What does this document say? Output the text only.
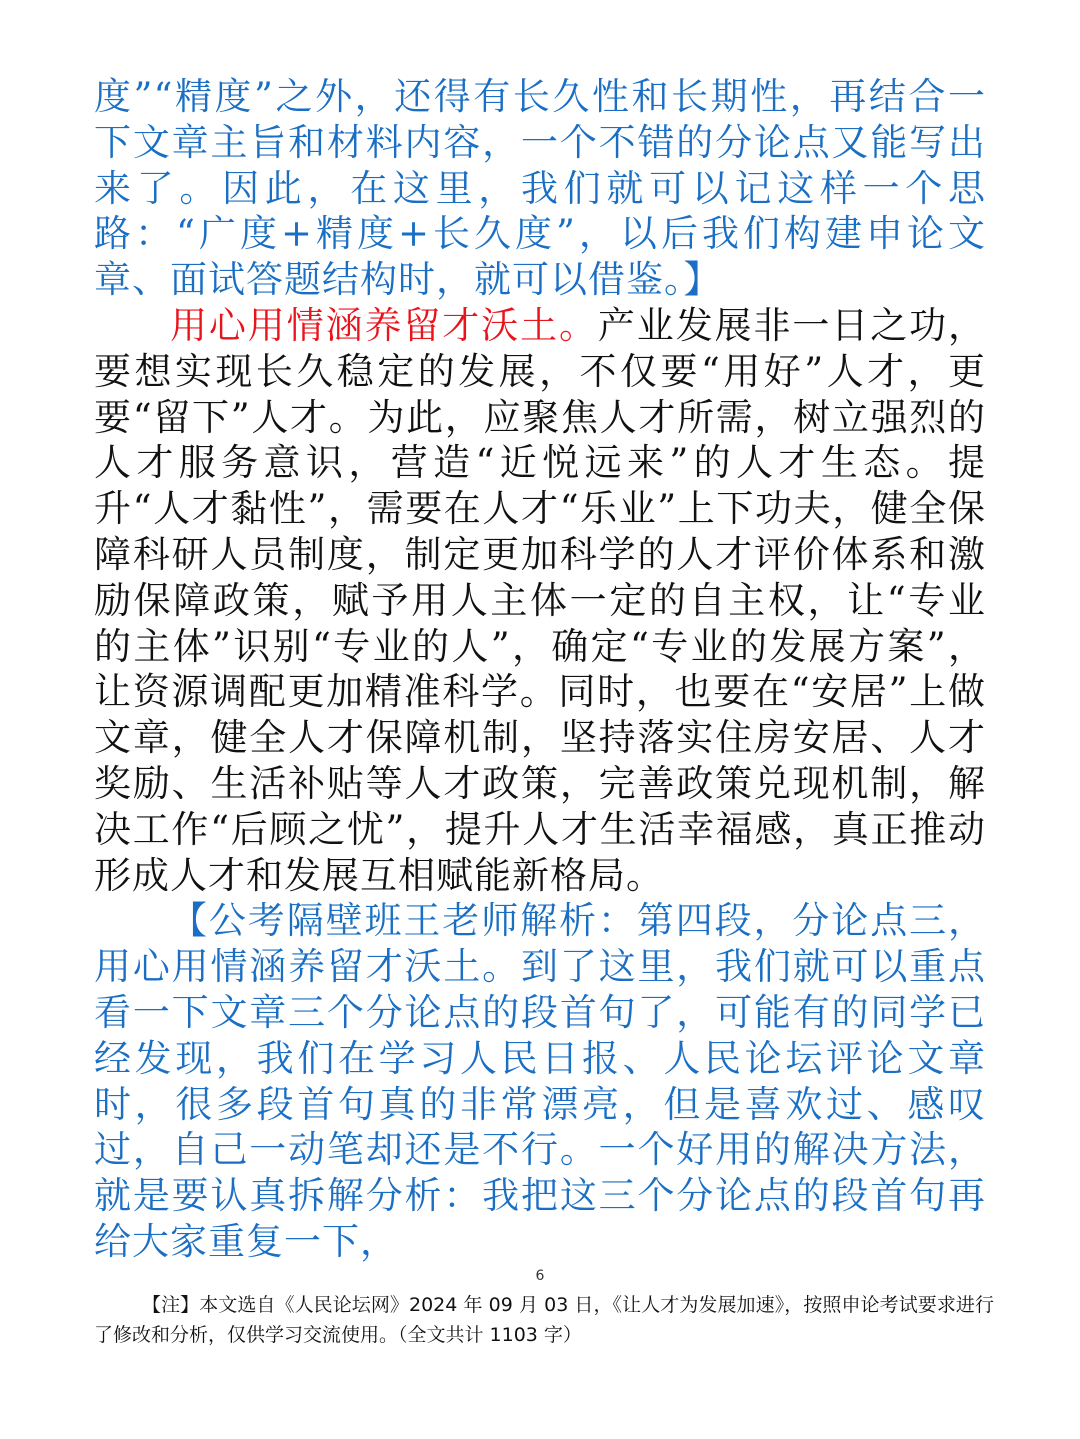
度”“精度”之外，还得有长久性和长期性，再结合一下文章主旨和材料内容，一个不错的分论点又能写出来了。因此，在这里，我们就可以记这样一个思路：“广度+精度+长久度”，以后我们构建申论文章、面试答题结构时，就可以借鉴。】

用心用情涵养留才沃土。产业发展非一日之功，要想实现长久稳定的发展，不仅要“用好”人才，更要“留下”人才。为此，应聚焦人才所需，树立强烈的人才服务意识，营造“近悦远来”的人才生态。提升“人才黏性”，需要在人才“乐业”上下功夫，健全保障科研人员制度，制定更加科学的人才评价体系和激励保障政策，赋予用人主体一定的自主权，让“专业的主体”识别“专业的人”，确定“专业的发展方案”，让资源调配更加精准科学。同时，也要在“安居”上做文章，健全人才保障机制，坚持落实住房安居、人才奖励、生活补贴等人才政策，完善政策兑现机制，解决工作“后顾之忧”，提升人才生活幸福感，真正推动形成人才和发展互相赋能新格局。

【公考隔壁班王老师解析：第四段，分论点三，用心用情涵养留才沃土。到了这里，我们就可以重点看一下文章三个分论点的段首句了，可能有的同学已经发现，我们在学习人民日报、人民论坛评论文章时，很多段首句真的非常漂亮，但是喜欢过、感叹过，自己一动笔却还是不行。一个好用的解决方法，就是要认真拆解分析：我把这三个分论点的段首句再给大家重复一下，

6
【注】本文选自《人民论坛网》2024 年 09 月 03 日，《让人才为发展加速》，按照申论考试要求进行了修改和分析，仅供学习交流使用。（全文共计 1103 字）
